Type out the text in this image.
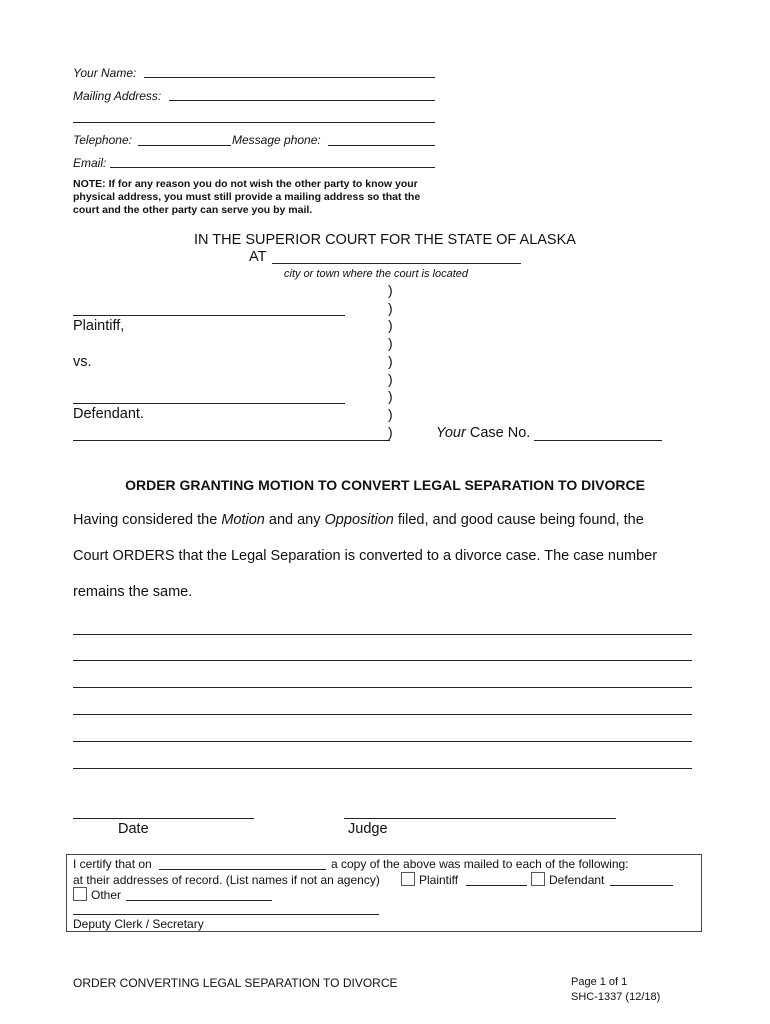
Your Name:
Mailing Address:
Telephone:	Message phone:
Email:
NOTE: If for any reason you do not wish the other party to know your physical address, you must still provide a mailing address so that the court and the other party can serve you by mail.
IN THE SUPERIOR COURT FOR THE STATE OF ALASKA
AT
city or town where the court is located
Plaintiff,
vs.
Defendant.
)
)
)
)
)
)
)
)
)	Your Case No.
ORDER GRANTING MOTION TO CONVERT LEGAL SEPARATION TO DIVORCE
Having considered the Motion and any Opposition filed, and good cause being found, the
Court ORDERS that the Legal Separation is converted to a divorce case. The case number
remains the same.
Date	Judge
I certify that on	a copy of the above was mailed to each of the following:
at their addresses of record. (List names if not an agency)	Plaintiff	Defendant
Other
Deputy Clerk / Secretary
ORDER CONVERTING LEGAL SEPARATION TO DIVORCE	Page 1 of 1
SHC-1337 (12/18)
